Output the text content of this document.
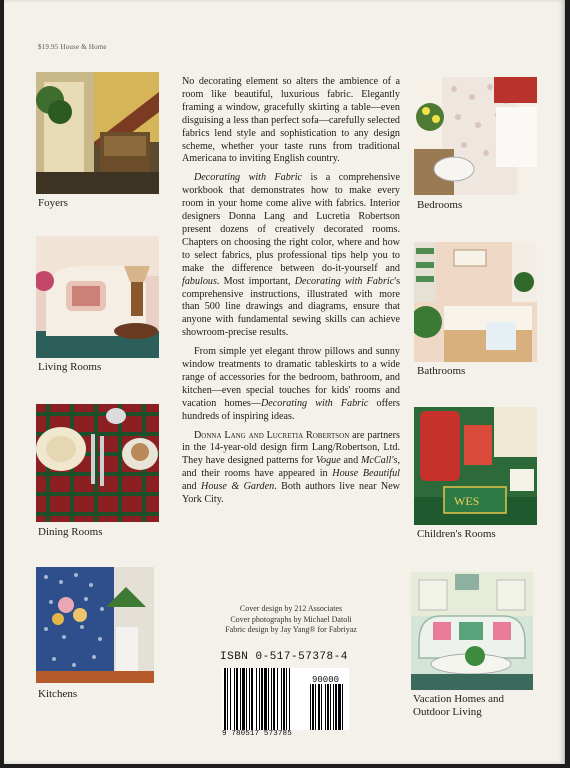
$19.95 House & Home
Foyers
Living Rooms
Dining Rooms
Kitchens
Bedrooms
Bathrooms
WES
Children's Rooms
Vacation Homes and
Outdoor Living

No decorating element so alters the ambience of a room like beautiful, luxurious fabric. Elegantly framing a window, gracefully skirting a table—even disguising a less than perfect sofa—carefully selected fabrics lend style and sophistication to any design scheme, whether your taste runs from traditional Americana to inviting English country.

Decorating with Fabric is a comprehensive workbook that demonstrates how to make every room in your home come alive with fabrics. Interior designers Donna Lang and Lucretia Robertson present dozens of creatively decorated rooms. Chapters on choosing the right color, where and how to select fabrics, plus professional tips help you to make the difference between do-it-yourself and fabulous. Most important, Decorating with Fabric's comprehensive instructions, illustrated with more than 500 line drawings and diagrams, ensure that anyone with fundamental sewing skills can achieve showroom-precise results.

From simple yet elegant throw pillows and sunny window treatments to dramatic tableskirts to a wide range of accessories for the bedroom, bathroom, and kitchen—even special touches for kids' rooms and vacation homes—Decorating with Fabric offers hundreds of inspiring ideas.

Donna Lang and Lucretia Robertson are partners in the 14-year-old design firm Lang/Robertson, Ltd. They have designed patterns for Vogue and McCall's, and their rooms have appeared in House Beautiful and House & Garden. Both authors live near New York City.

Cover design by 212 Associates
Cover photographs by Michael Datoli
Fabric design by Jay Yang® for Fabriyaz
ISBN 0-517-57378-4
90000
9 780517 573785
